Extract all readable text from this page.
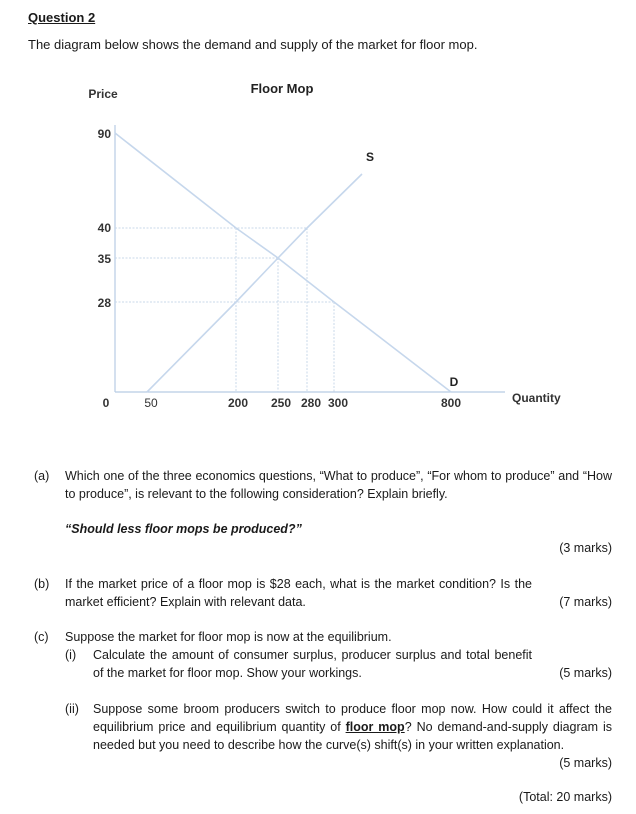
Question 2
The diagram below shows the demand and supply of the market for floor mop.
Floor Mop
Price
Quantity
S
D
90
40
35
28
0	50	200 250 280 300	800
(a) Which one of the three economics questions, “What to produce”, “For whom to produce” and “How to produce”, is relevant to the following consideration? Explain briefly.
“Should less floor mops be produced?”
(3 marks)
(b) If the market price of a floor mop is $28 each, what is the market condition? Is the market efficient? Explain with relevant data.	(7 marks)
(c) Suppose the market for floor mop is now at the equilibrium.
(i) Calculate the amount of consumer surplus, producer surplus and total benefit of the market for floor mop. Show your workings.	(5 marks)
(ii) Suppose some broom producers switch to produce floor mop now. How could it affect the equilibrium price and equilibrium quantity of floor mop? No demand-and-supply diagram is needed but you need to describe how the curve(s) shift(s) in your written explanation.
(5 marks)
(Total: 20 marks)
